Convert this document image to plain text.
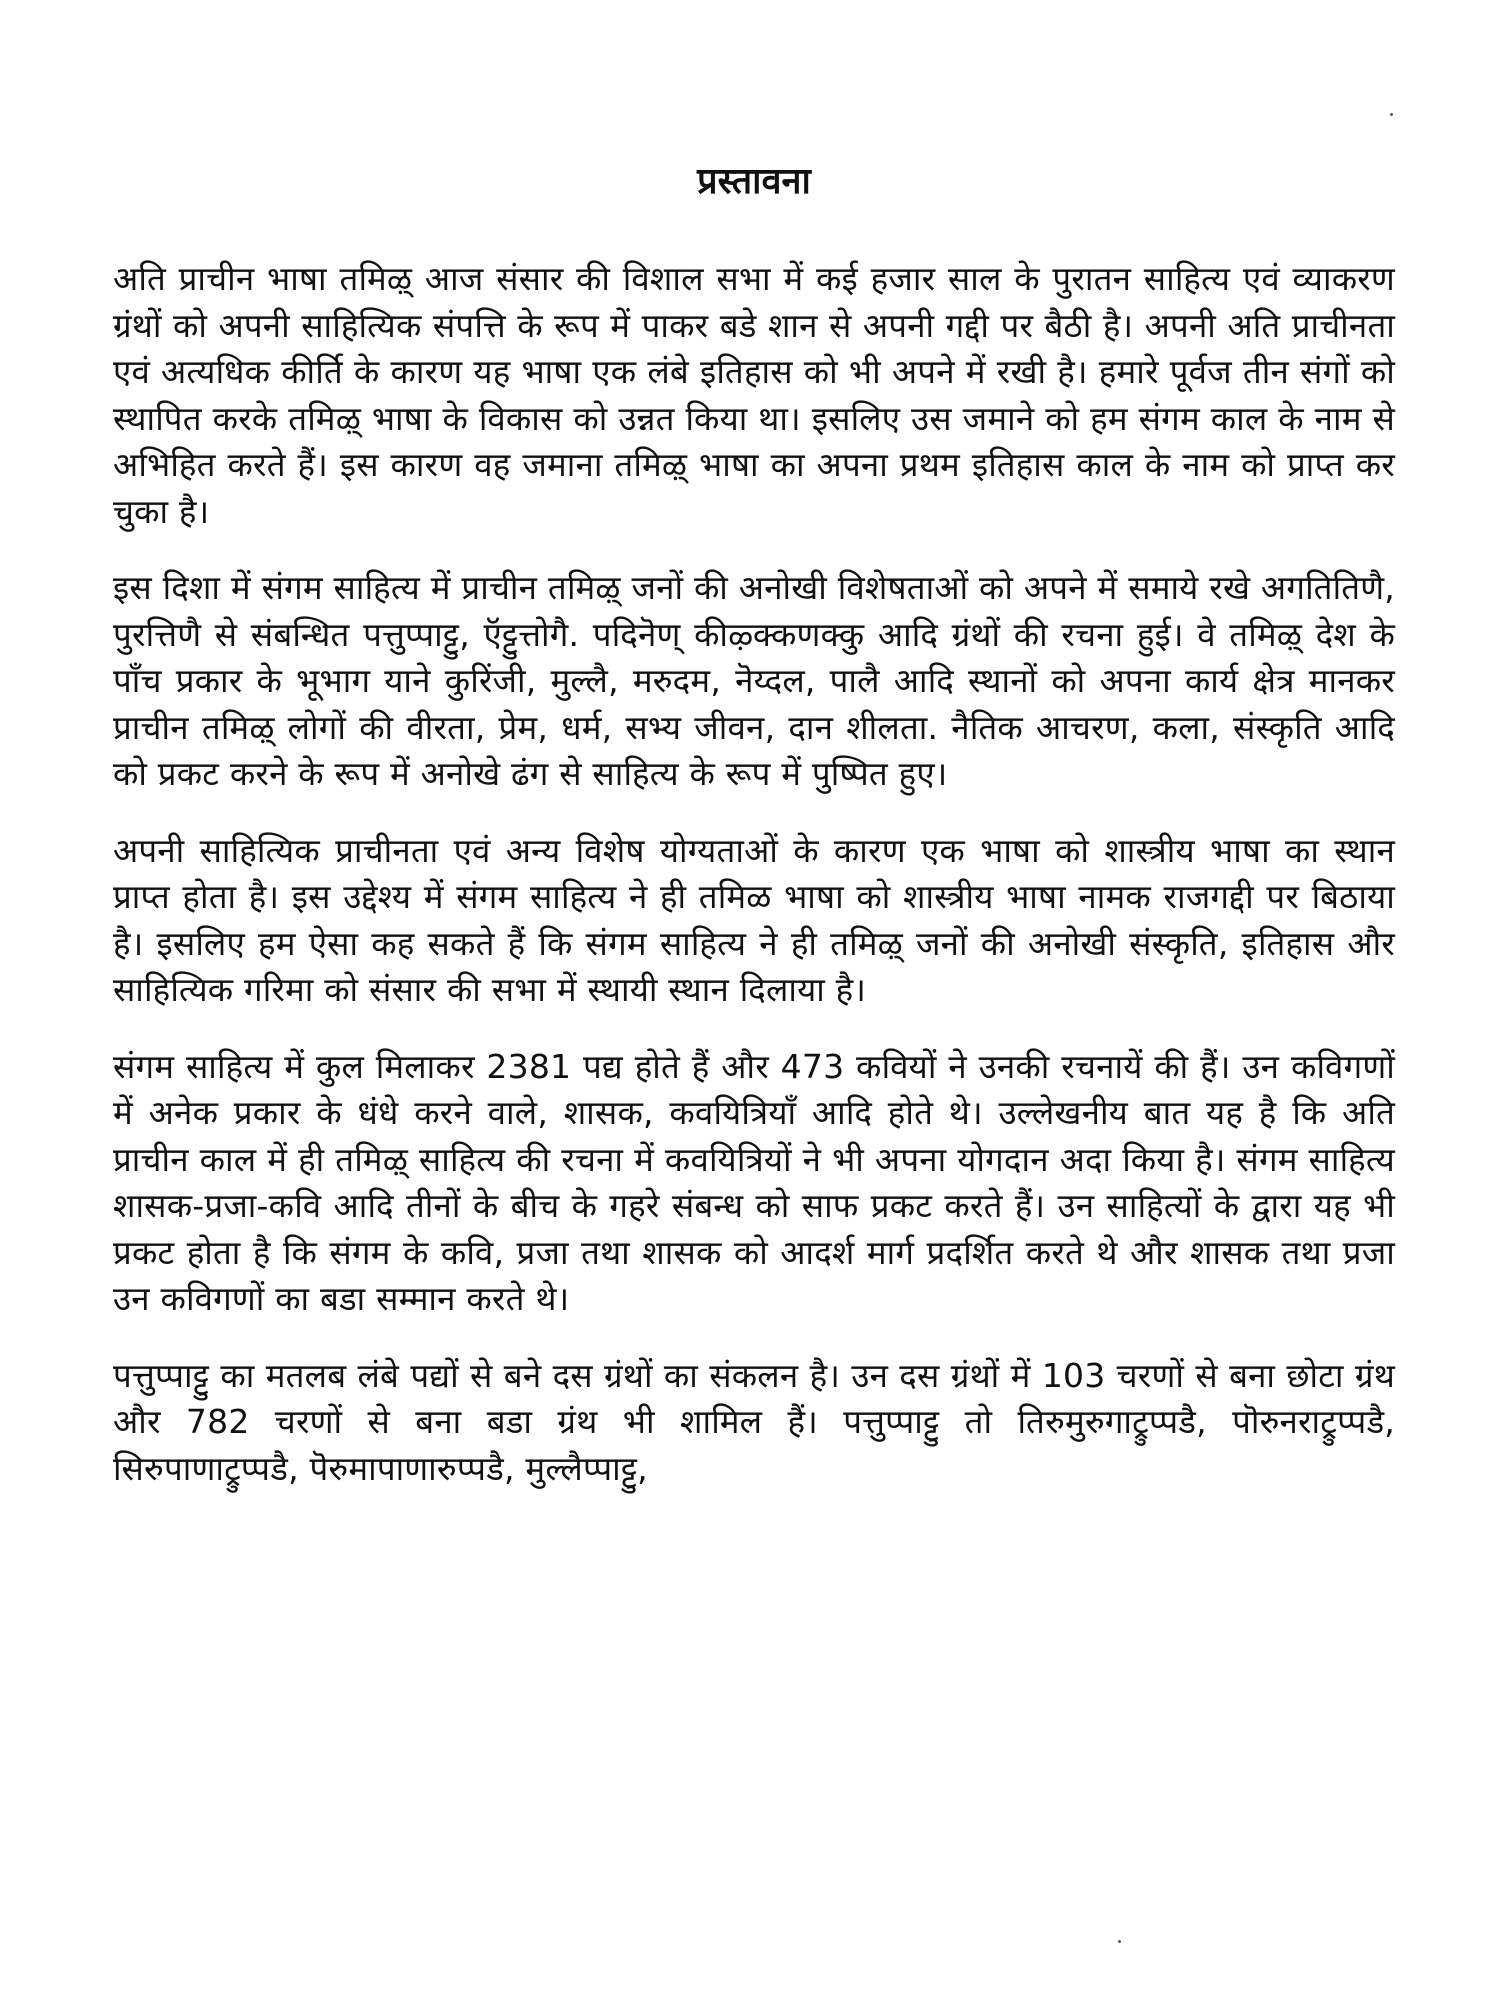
प्रस्तावना

अति प्राचीन भाषा तमिऴ् आज संसार की विशाल सभा में कई हजार साल के पुरातन साहित्य एवं व्याकरण ग्रंथों को अपनी साहित्यिक संपत्ति के रूप में पाकर बडे शान से अपनी गद्दी पर बैठी है। अपनी अति प्राचीनता एवं अत्यधिक कीर्ति के कारण यह भाषा एक लंबे इतिहास को भी अपने में रखी है। हमारे पूर्वज तीन संगों को स्थापित करके तमिऴ् भाषा के विकास को उन्नत किया था। इसलिए उस जमाने को हम संगम काल के नाम से अभिहित करते हैं। इस कारण वह जमाना तमिऴ् भाषा का अपना प्रथम इतिहास काल के नाम को प्राप्त कर चुका है।

इस दिशा में संगम साहित्य में प्राचीन तमिऴ् जनों की अनोखी विशेषताओं को अपने में समाये रखे अगतितिणै, पुरत्तिणै से संबन्धित पत्तुप्पाट्टु, ऍट्टुत्तोगै. पदिनॆण् कीऴ्क्कणक्कु आदि ग्रंथों की रचना हुई। वे तमिऴ् देश के पाँच प्रकार के भूभाग याने कुरिंजी, मुल्लै, मरुदम, नॆय्दल, पालै आदि स्थानों को अपना कार्य क्षेत्र मानकर प्राचीन तमिऴ् लोगों की वीरता, प्रेम, धर्म, सभ्य जीवन, दान शीलता. नैतिक आचरण, कला, संस्कृति आदि को प्रकट करने के रूप में अनोखे ढंग से साहित्य के रूप में पुष्पित हुए।

अपनी साहित्यिक प्राचीनता एवं अन्य विशेष योग्यताओं के कारण एक भाषा को शास्त्रीय भाषा का स्थान प्राप्त होता है। इस उद्देश्य में संगम साहित्य ने ही तमिळ भाषा को शास्त्रीय भाषा नामक राजगद्दी पर बिठाया है। इसलिए हम ऐसा कह सकते हैं कि संगम साहित्य ने ही तमिऴ् जनों की अनोखी संस्कृति, इतिहास और साहित्यिक गरिमा को संसार की सभा में स्थायी स्थान दिलाया है।

संगम साहित्य में कुल मिलाकर 2381 पद्य होते हैं और 473 कवियों ने उनकी रचनायें की हैं। उन कविगणों में अनेक प्रकार के धंधे करने वाले, शासक, कवयित्रियाँ आदि होते थे। उल्लेखनीय बात यह है कि अति प्राचीन काल में ही तमिऴ् साहित्य की रचना में कवयित्रियों ने भी अपना योगदान अदा किया है। संगम साहित्य शासक-प्रजा-कवि आदि तीनों के बीच के गहरे संबन्ध को साफ प्रकट करते हैं। उन साहित्यों के द्वारा यह भी प्रकट होता है कि संगम के कवि, प्रजा तथा शासक को आदर्श मार्ग प्रदर्शित करते थे और शासक तथा प्रजा उन कविगणों का बडा सम्मान करते थे।

पत्तुप्पाट्टु का मतलब लंबे पद्यों से बने दस ग्रंथों का संकलन है। उन दस ग्रंथों में 103 चरणों से बना छोटा ग्रंथ और 782 चरणों से बना बडा ग्रंथ भी शामिल हैं। पत्तुप्पाट्टु तो तिरुमुरुगाट्रुप्पडै, पॊरुनराट्रुप्पडै, सिरुपाणाट्रुप्पडै, पॆरुमापाणारुप्पडै, मुल्लैप्पाट्टु,
